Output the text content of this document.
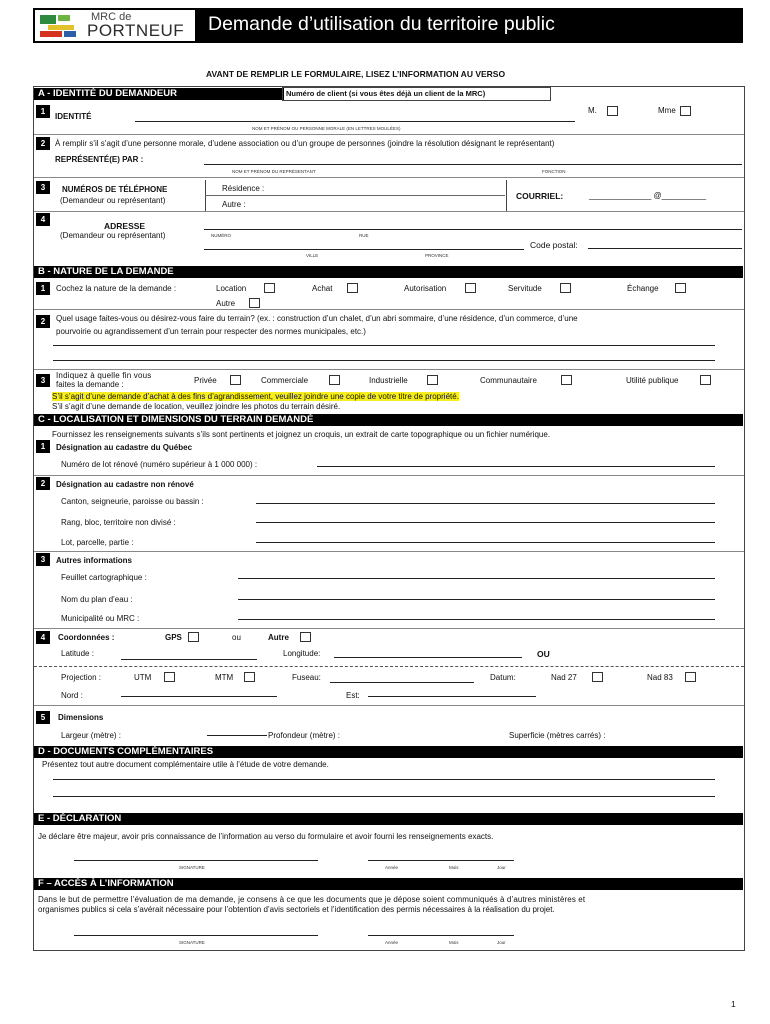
MRC de
PORTNEUF Demande d’utilisation du territoire public
AVANT DE REMPLIR LE FORMULAIRE, LISEZ L’INFORMATION AU VERSO
A - IDENTITÉ DU DEMANDEUR	Numéro de client (si vous êtes déjà un client de la MRC)
1
IDENTITÉ
M.	Mme
NOM ET PRÉNOM OU PERSONNE MORALE (EN LETTRES MOULÉES)
2	À remplir s’il s’agit d’une personne morale, d’udene association ou d’un groupe de personnes (joindre la résolution désignant le représentant)
REPRÉSENTÉ(E) PAR :
NOM ET PRÉNOM DU REPRÉSENTANT	FONCTION
3	NUMÉROS DE TÉLÉPHONE
(Demandeur ou représentant)
Résidence :
Autre :
COURRIEL:	______________ @__________
4
ADRESSE
(Demandeur ou représentant)	NUMÉRO	RUE
Code postal:
VILLE	PROVINCE
B - NATURE DE LA DEMANDE
1	Cochez la nature de la demande :	Location	Achat	Autorisation	Servitude	Échange
Autre
2	Quel usage faites-vous ou désirez-vous faire du terrain? (ex. : construction d’un chalet, d’un abri sommaire, d’une résidence, d’un commerce, d’une
pourvoirie ou agrandissement d’un terrain pour respecter des normes municipales, etc.)
3
Indiquez à quelle fin vous
faites la demande :	Privée	Commerciale	Industrielle	Communautaire	Utilité publique
S’il s’agit d’une demande d’achat à des fins d’agrandissement, veuillez joindre une copie de votre titre de propriété.
S’il s’agit d’une demande de location, veuillez joindre les photos du terrain désiré.
C - LOCALISATION ET DIMENSIONS DU TERRAIN DEMANDÉ
Fournissez les renseignements suivants s’ils sont pertinents et joignez un croquis, un extrait de carte topographique ou un fichier numérique.
1	Désignation au cadastre du Québec
Numéro de lot rénové (numéro supérieur à 1 000 000) :
2	Désignation au cadastre non rénové
Canton, seigneurie, paroisse ou bassin :
Rang, bloc, territoire non divisé :
Lot, parcelle, partie :
3	Autres informations
Feuillet cartographique :
Nom du plan d’eau :
Municipalité ou MRC :
4	Coordonnées :	GPS	ou	Autre
Latitude :	Longitude:	OU
Projection :	UTM	MTM	Fuseau:	Datum:	Nad 27	Nad 83
Nord :	Est:
5	Dimensions
Largeur (mètre) :	Profondeur (mètre) :	Superficie (mètres carrés) :
D - DOCUMENTS COMPLÉMENTAIRES
Présentez tout autre document complémentaire utile à l’étude de votre demande.
E - DÉCLARATION
Je déclare être majeur, avoir pris connaissance de l’information au verso du formulaire et avoir fourni les renseignements exacts.
SIGNATURE	Année	Mois	Jour
F – ACCÈS À L’INFORMATION
Dans le but de permettre l’évaluation de ma demande, je consens à ce que les documents que je dépose soient communiqués à d’autres ministères et
organismes publics si cela s’avérait nécessaire pour l’obtention d’avis sectoriels et l’identification des permis nécessaires à la réalisation du projet.
SIGNATURE	Année	Mois	Jour
1
